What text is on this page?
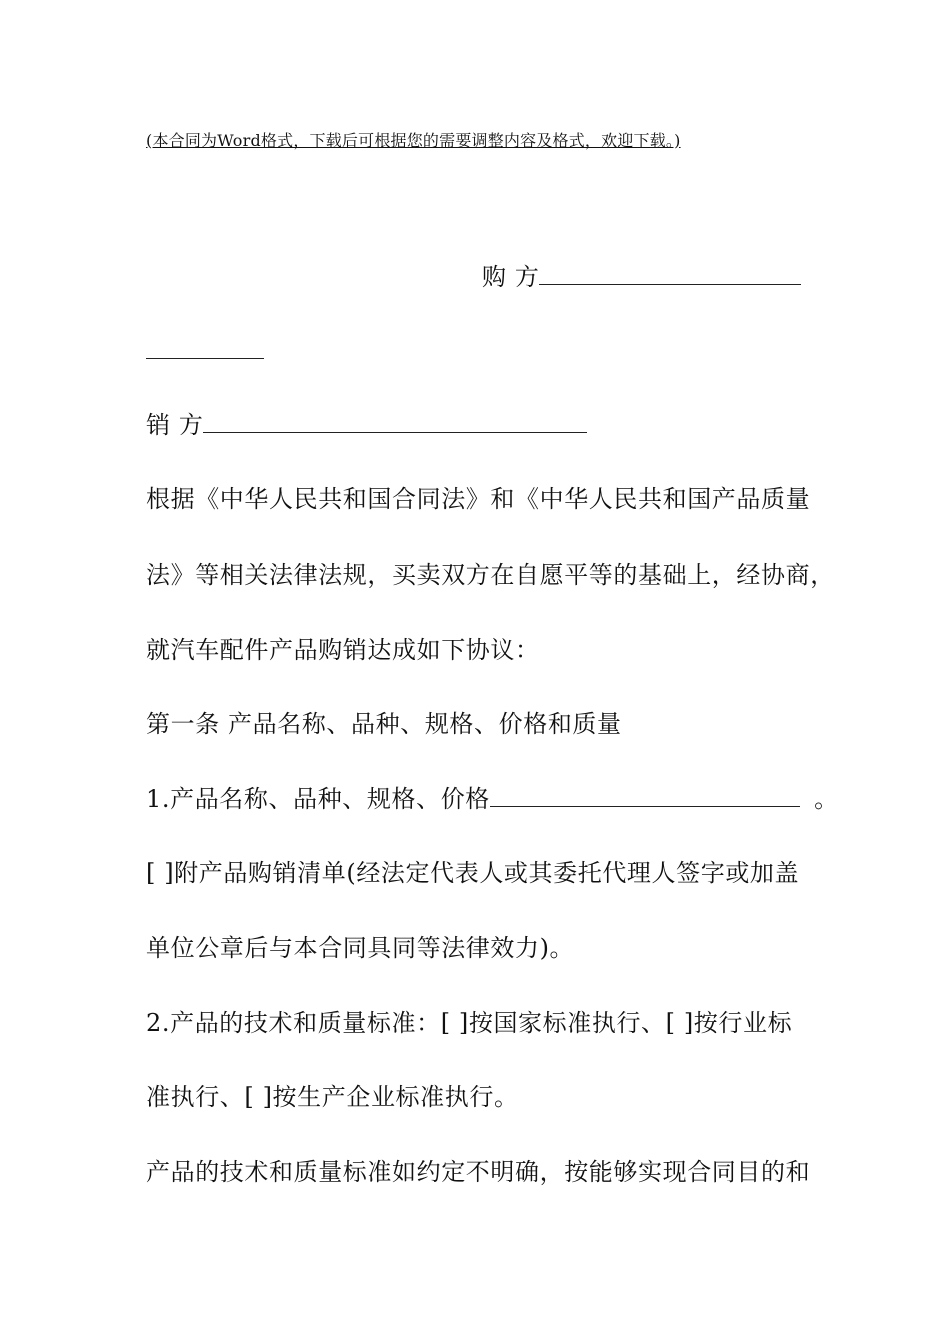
(本合同为Word格式，下载后可根据您的需要调整内容及格式，欢迎下载。)
购 方
销 方
根据《中华人民共和国合同法》和《中华人民共和国产品质量
法》等相关法律法规，买卖双方在自愿平等的基础上，经协商，
就汽车配件产品购销达成如下协议：
第一条 产品名称、品种、规格、价格和质量
1.产品名称、品种、规格、价格	。
[ ]附产品购销清单(经法定代表人或其委托代理人签字或加盖
单位公章后与本合同具同等法律效力)。
2.产品的技术和质量标准：[ ]按国家标准执行、[ ]按行业标
准执行、[ ]按生产企业标准执行。
产品的技术和质量标准如约定不明确，按能够实现合同目的和
